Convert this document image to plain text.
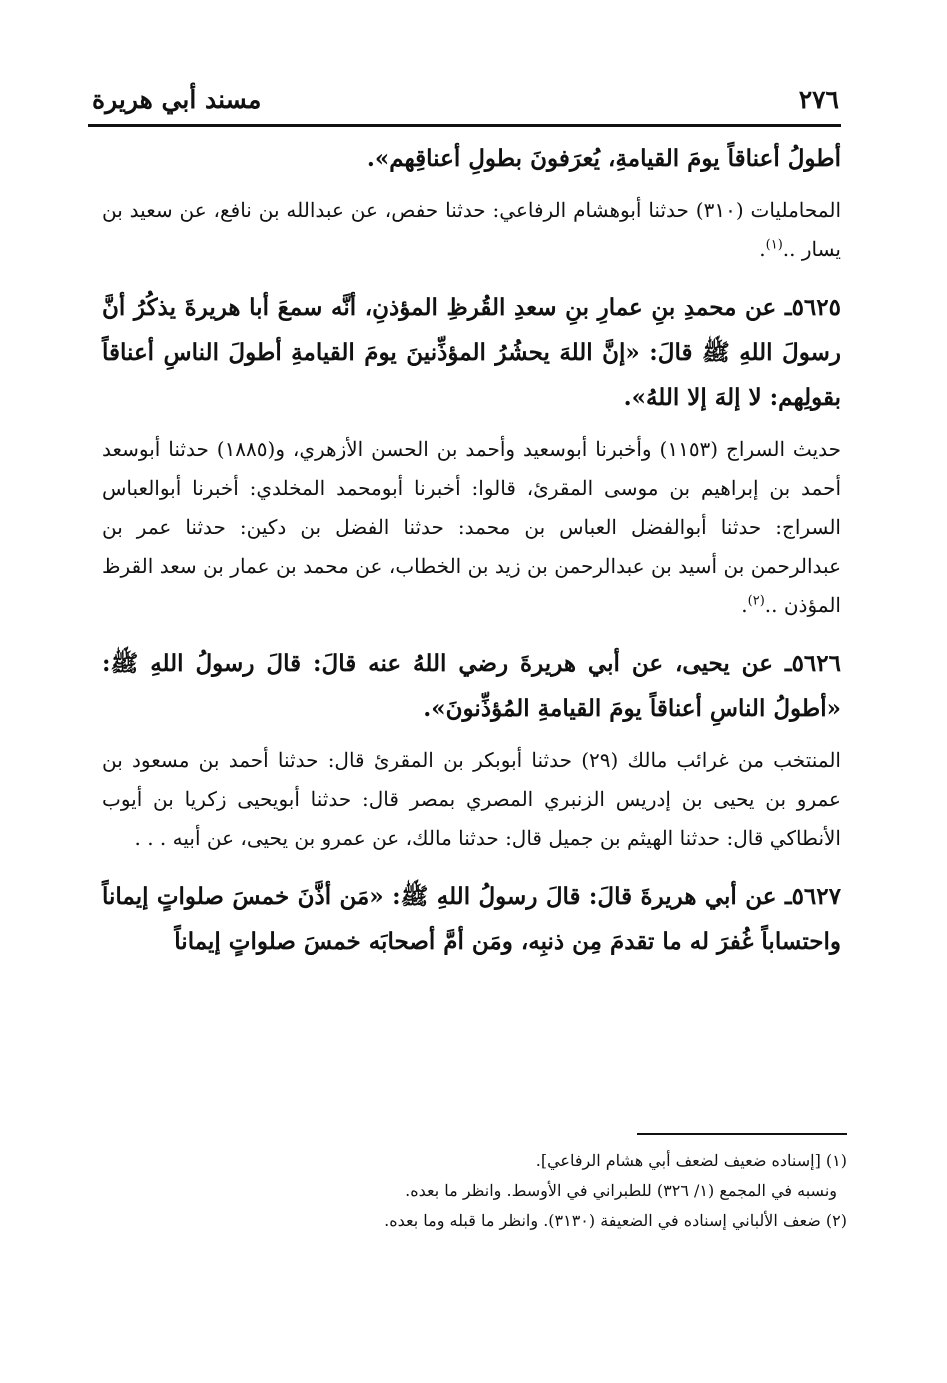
٢٧٦
مسند أبي هريرة

أطولُ أعناقاً يومَ القيامةِ، يُعرَفونَ بطولِ أعناقِهم».

المحامليات (٣١٠) حدثنا أبوهشام الرفاعي: حدثنا حفص، عن عبدالله بن نافع، عن سعيد بن يسار ..$^{(١)}$.

٥٦٢٥ـ عن محمدِ بنِ عمارِ بنِ سعدِ القُرظِ المؤذنِ، أنَّه سمعَ أبا هريرةَ يذكُرُ أنَّ رسولَ اللهِ ﷺ قالَ: «إنَّ اللهَ يحشُرُ المؤذِّنينَ يومَ القيامةِ أطولَ الناسِ أعناقاً بقولِهم: لا إلهَ إلا اللهُ».

حديث السراج (١١٥٣) وأخبرنا أبوسعيد وأحمد بن الحسن الأزهري، و(١٨٨٥) حدثنا أبوسعد أحمد بن إبراهيم بن موسى المقرئ، قالوا: أخبرنا أبومحمد المخلدي: أخبرنا أبوالعباس السراج: حدثنا أبوالفضل العباس بن محمد: حدثنا الفضل بن دكين: حدثنا عمر بن عبدالرحمن بن أسيد بن عبدالرحمن بن زيد بن الخطاب، عن محمد بن عمار بن سعد القرظ المؤذن ..$^{(٢)}$.

٥٦٢٦ـ عن يحيى، عن أبي هريرةَ رضي اللهُ عنه قالَ: قالَ رسولُ اللهِ ﷺ: «أطولُ الناسِ أعناقاً يومَ القيامةِ المُؤذِّنونَ».

المنتخب من غرائب مالك (٢٩) حدثنا أبوبكر بن المقرئ قال: حدثنا أحمد بن مسعود بن عمرو بن يحيى بن إدريس الزنبري المصري بمصر قال: حدثنا أبويحيى زكريا بن أيوب الأنطاكي قال: حدثنا الهيثم بن جميل قال: حدثنا مالك، عن عمرو بن يحيى، عن أبيه . . .

٥٦٢٧ـ عن أبي هريرةَ قالَ: قالَ رسولُ اللهِ ﷺ: «مَن أذَّنَ خمسَ صلواتٍ إيماناً واحتساباً غُفرَ له ما تقدمَ مِن ذنبِه، ومَن أمَّ أصحابَه خمسَ صلواتٍ إيماناً

(١) [إسناده ضعيف لضعف أبي هشام الرفاعي].

ونسبه في المجمع (١/ ٣٢٦) للطبراني في الأوسط. وانظر ما بعده.

(٢) ضعف الألباني إسناده في الضعيفة (٣١٣٠). وانظر ما قبله وما بعده.
